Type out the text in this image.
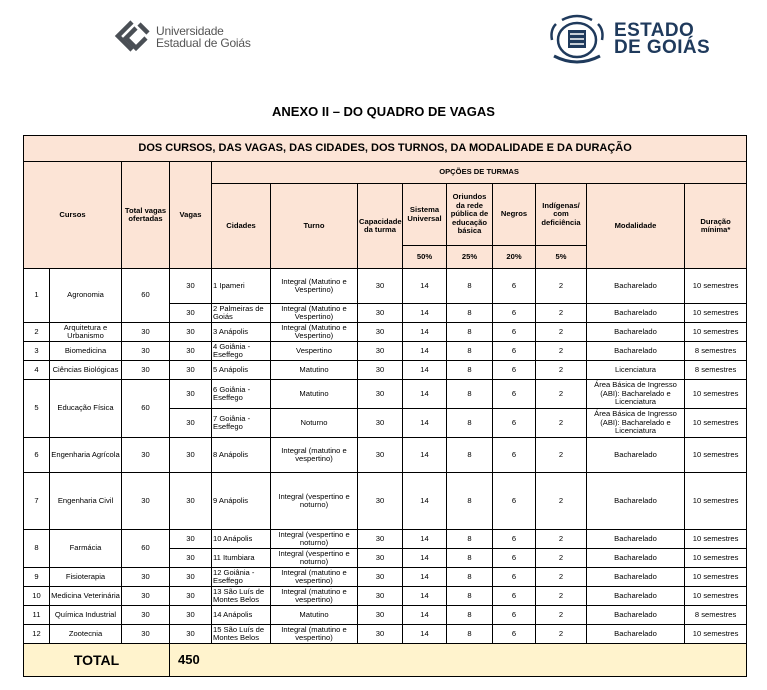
Universidade
Estadual de Goiás
ESTADO
DE GOIÁS
ANEXO II – DO QUADRO DE VAGAS
DOS CURSOS, DAS VAGAS, DAS CIDADES, DOS TURNOS, DA MODALIDADE E DA DURAÇÃO												
Cursos		Total vagas ofertadas	Vagas	OPÇÕES DE TURMAS								
				Cidades	Turno	Capacidade da turma	Sistema Universal	Oriundos da rede pública de educação básica	Negros	Indígenas/ com deficiência	Modalidade	Duração mínima*
							50%	25%	20%	5%		
1	Agronomia	60	30	1 Ipameri	Integral (Matutino e Vespertino)	30	14	8	6	2	Bacharelado	10 semestres
			30	2 Palmeiras de Goiás	Integral (Matutino e Vespertino)	30	14	8	6	2	Bacharelado	10 semestres
2	Arquitetura e Urbanismo	30	30	3 Anápolis	Integral (Matutino e Vespertino)	30	14	8	6	2	Bacharelado	10 semestres
3	Biomedicina	30	30	4 Goiânia - Eseffego	Vespertino	30	14	8	6	2	Bacharelado	8 semestres
4	Ciências Biológicas	30	30	5 Anápolis	Matutino	30	14	8	6	2	Licenciatura	8 semestres
5	Educação Física	60	30	6 Goiânia - Eseffego	Matutino	30	14	8	6	2	Área Básica de Ingresso (ABI): Bacharelado e Licenciatura	10 semestres
			30	7 Goiânia - Eseffego	Noturno	30	14	8	6	2	Área Básica de Ingresso (ABI): Bacharelado e Licenciatura	10 semestres
6	Engenharia Agrícola	30	30	8 Anápolis	Integral (matutino e vespertino)	30	14	8	6	2	Bacharelado	10 semestres
7	Engenharia Civil	30	30	9 Anápolis	Integral (vespertino e noturno)	30	14	8	6	2	Bacharelado	10 semestres
8	Farmácia	60	30	10 Anápolis	Integral (vespertino e noturno)	30	14	8	6	2	Bacharelado	10 semestres
			30	11 Itumbiara	Integral (vespertino e noturno)	30	14	8	6	2	Bacharelado	10 semestres
9	Fisioterapia	30	30	12 Goiânia - Eseffego	Integral (matutino e vespertino)	30	14	8	6	2	Bacharelado	10 semestres
10	Medicina Veterinária	30	30	13 São Luís de Montes Belos	Integral (matutino e vespertino)	30	14	8	6	2	Bacharelado	10 semestres
11	Química Industrial	30	30	14 Anápolis	Matutino	30	14	8	6	2	Bacharelado	8 semestres
12	Zootecnia	30	30	15 São Luís de Montes Belos	Integral (matutino e vespertino)	30	14	8	6	2	Bacharelado	10 semestres
TOTAL			450									
